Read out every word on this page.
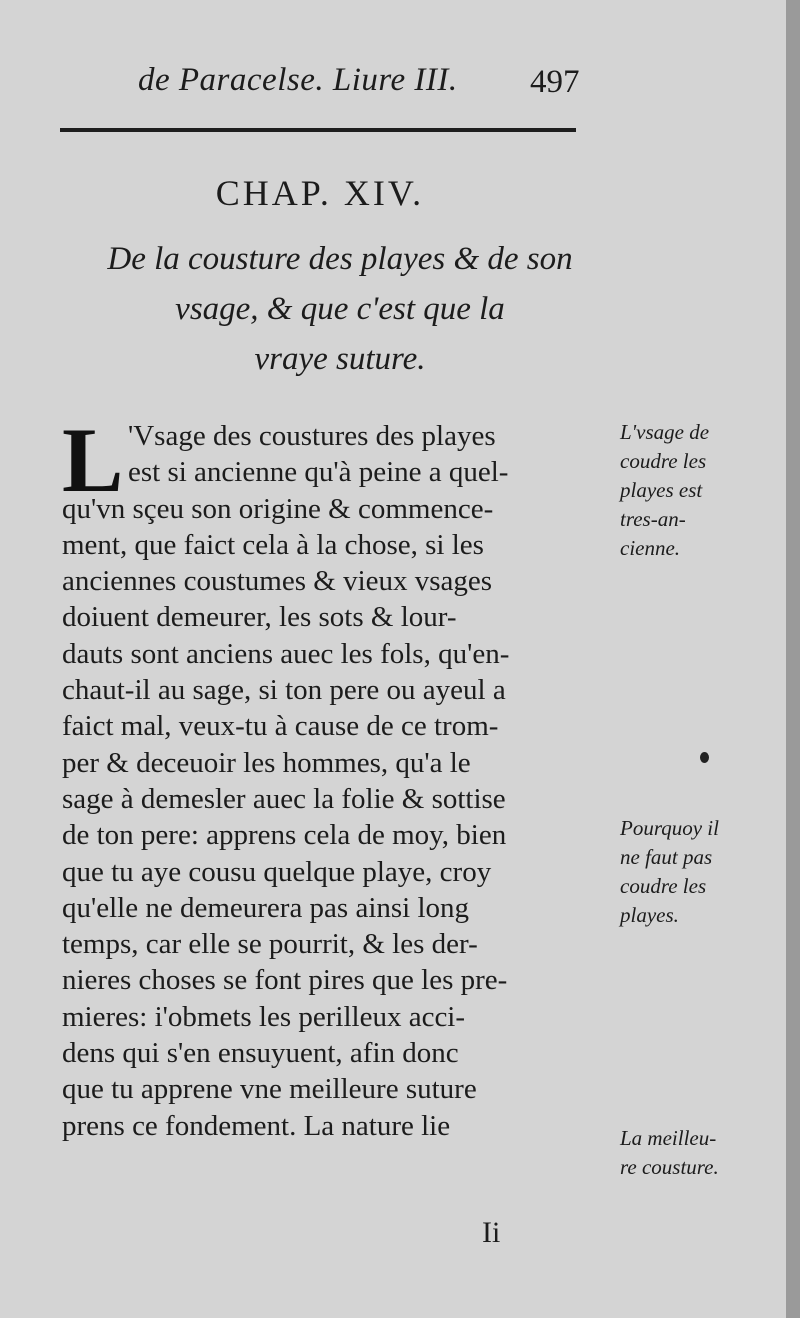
de Paracelse. Liure III. 497
CHAP. XIV.
De la cousture des playes & de son
vsage, & que c'est que la
vraye suture.
L 'Vsage des coustures des playes
est si ancienne qu'à peine a quel-
qu'vn sçeu son origine & commence-
ment, que faict cela à la chose, si les
anciennes coustumes & vieux vsages
doiuent demeurer, les sots & lour-
dauts sont anciens auec les fols, qu'en-
chaut-il au sage, si ton pere ou ayeul a
faict mal, veux-tu à cause de ce trom-
per & deceuoir les hommes, qu'a le
sage à demesler auec la folie & sottise
de ton pere: apprens cela de moy, bien
que tu aye cousu quelque playe, croy
qu'elle ne demeurera pas ainsi long
temps, car elle se pourrit, & les der-
nieres choses se font pires que les pre-
mieres: i'obmets les perilleux acci-
dens qui s'en ensuyuent, afin donc
que tu apprene vne meilleure suture
prens ce fondement. La nature lie
L'vsage de
coudre les
playes est
tres-an-
cienne.
Pourquoy il
ne faut pas
coudre les
playes.
La meilleu-
re cousture.
Ii
